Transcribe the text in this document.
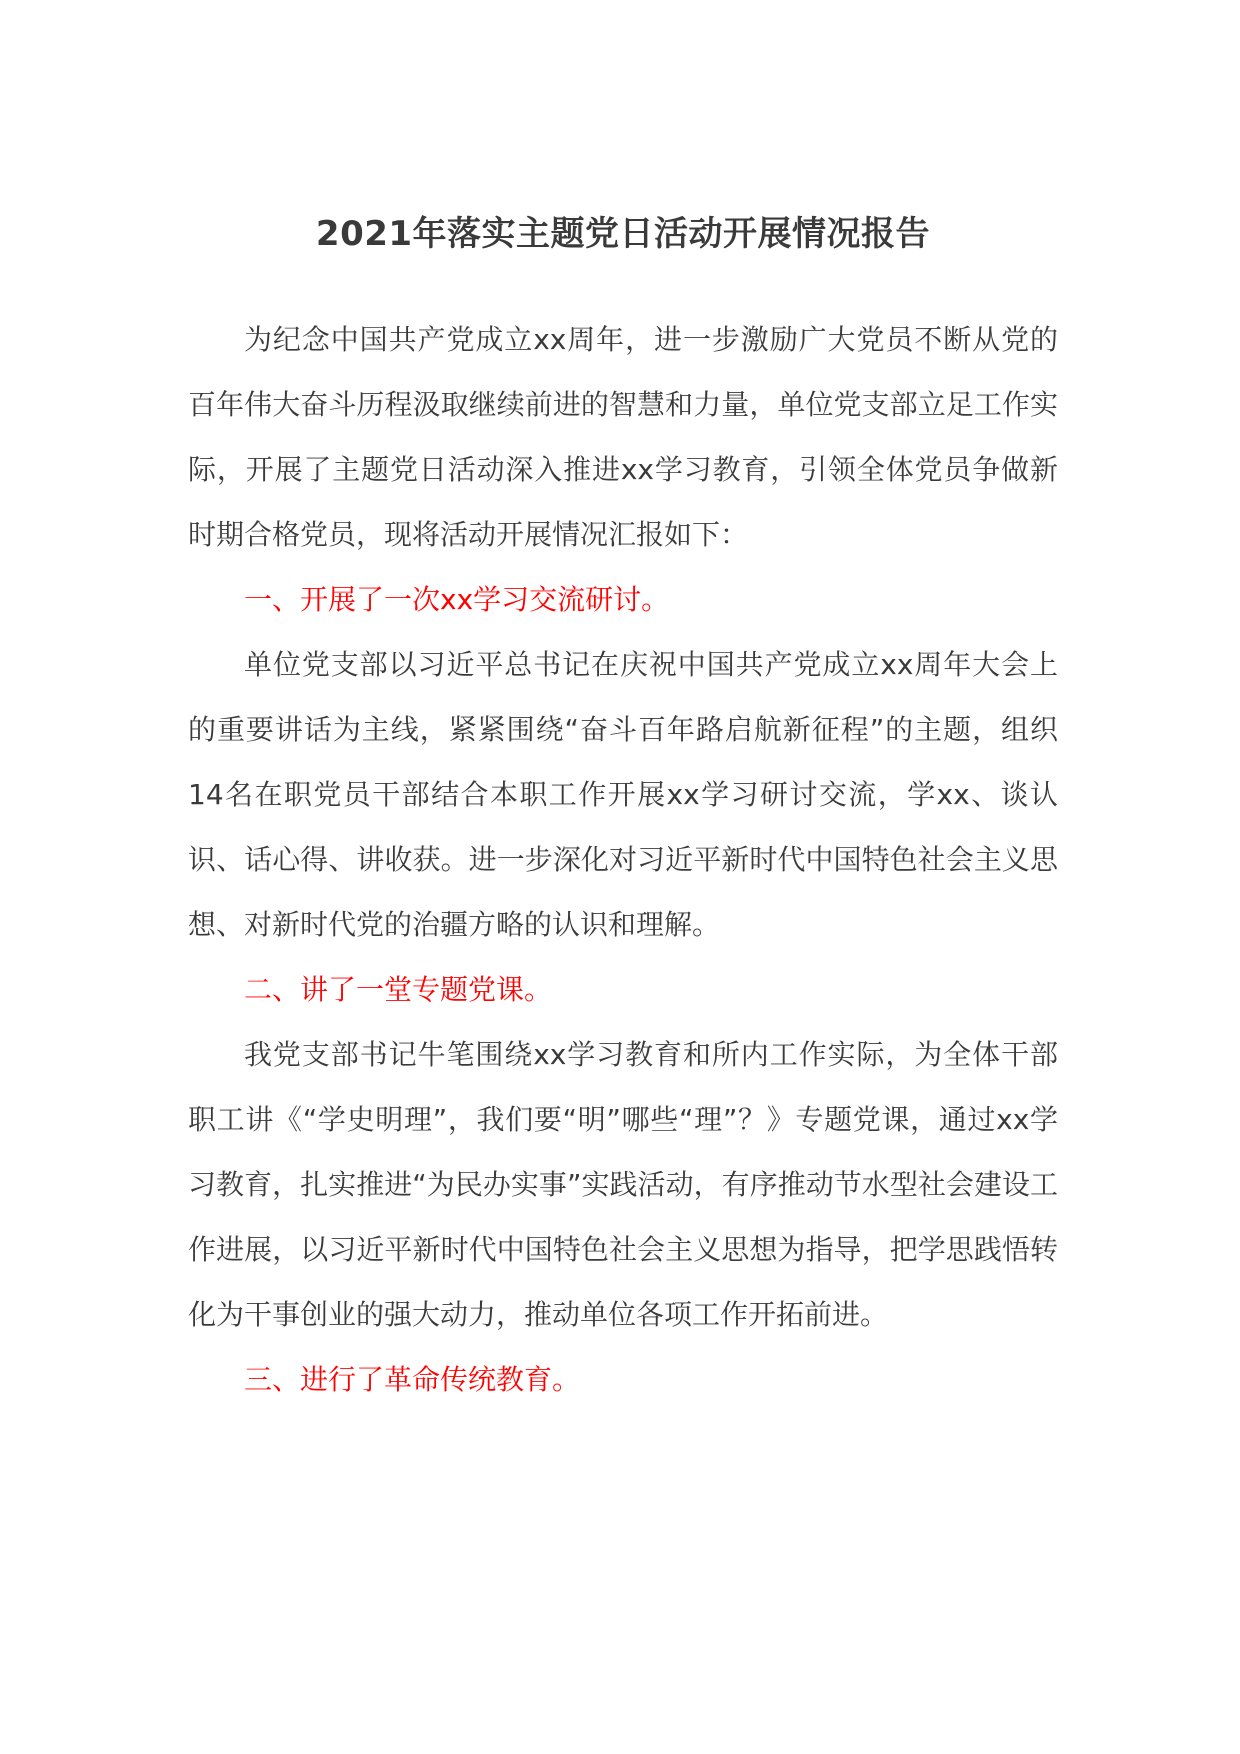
2021年落实主题党日活动开展情况报告

为纪念中国共产党成立xx周年，进一步激励广大党员不断从党的百年伟大奋斗历程汲取继续前进的智慧和力量，单位党支部立足工作实际，开展了主题党日活动深入推进xx学习教育，引领全体党员争做新时期合格党员，现将活动开展情况汇报如下：

一、开展了一次xx学习交流研讨。

单位党支部以习近平总书记在庆祝中国共产党成立xx周年大会上的重要讲话为主线，紧紧围绕“奋斗百年路启航新征程”的主题，组织14名在职党员干部结合本职工作开展xx学习研讨交流，学xx、谈认识、话心得、讲收获。进一步深化对习近平新时代中国特色社会主义思想、对新时代党的治疆方略的认识和理解。

二、讲了一堂专题党课。

我党支部书记牛笔围绕xx学习教育和所内工作实际，为全体干部职工讲《“学史明理”，我们要“明”哪些“理”？》专题党课，通过xx学习教育，扎实推进“为民办实事”实践活动，有序推动节水型社会建设工作进展，以习近平新时代中国特色社会主义思想为指导，把学思践悟转化为干事创业的强大动力，推动单位各项工作开拓前进。

三、进行了革命传统教育。
